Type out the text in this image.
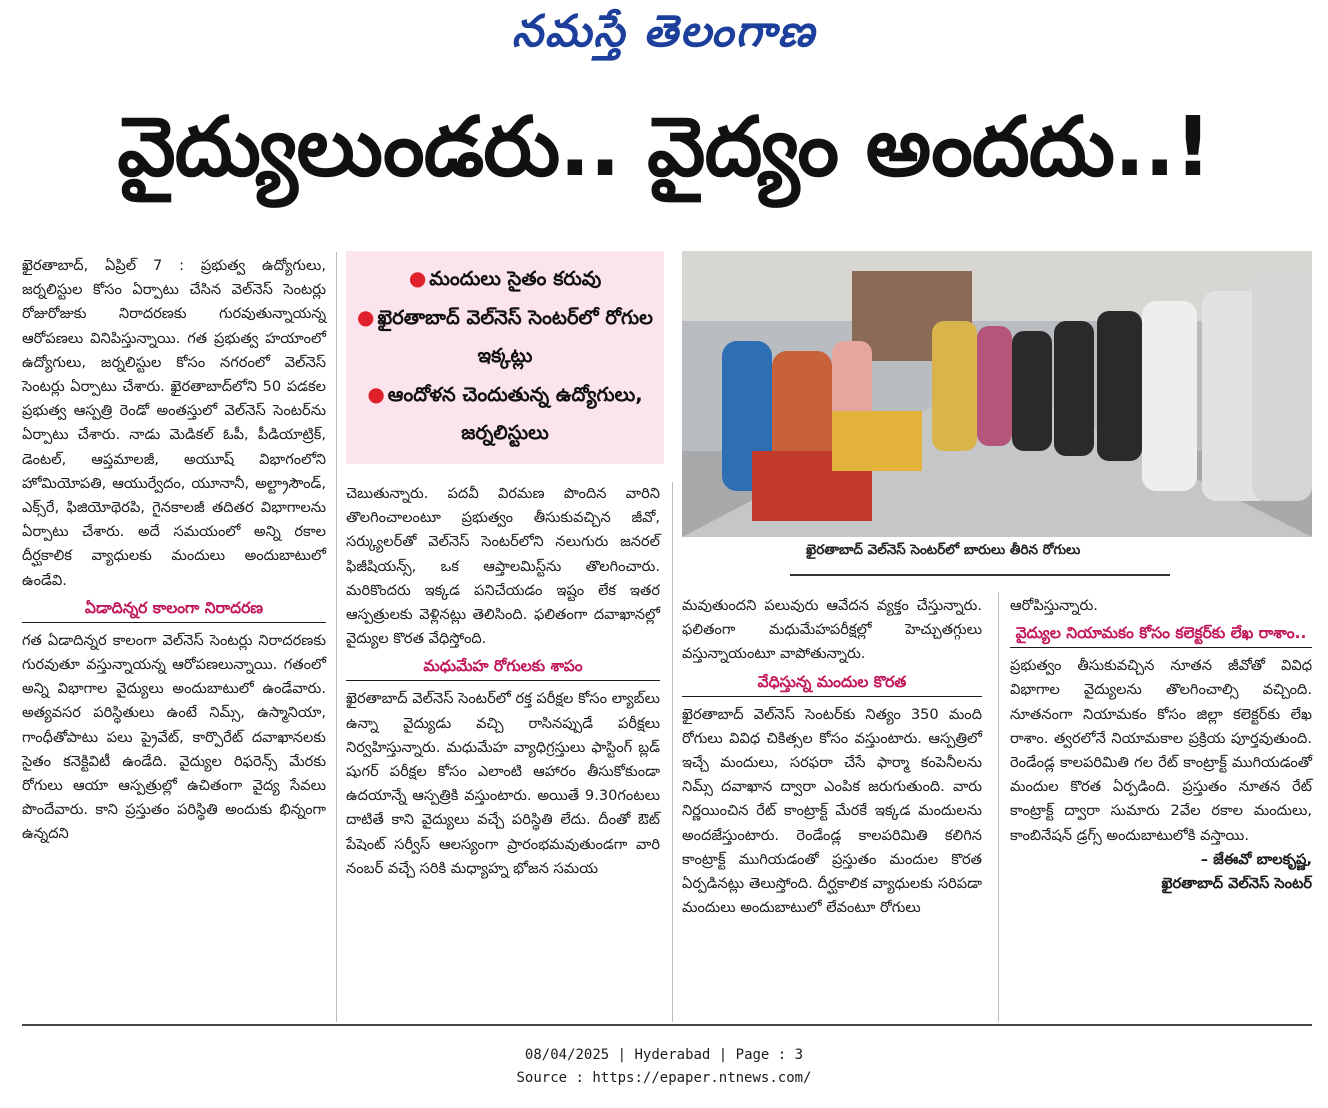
నమస్తే తెలంగాణ
వైద్యులుండరు.. వైద్యం అందదు..!

ఖైరతాబాద్, ఏప్రిల్ 7 : ప్రభుత్వ ఉద్యోగులు, జర్నలిస్టుల కోసం ఏర్పాటు చేసిన వెల్‌నెస్ సెంటర్లు రోజురోజుకు నిరాదరణకు గురవుతున్నాయన్న ఆరోపణలు వినిపిస్తున్నాయి. గత ప్రభుత్వ హయాంలో ఉద్యోగులు, జర్నలిస్టుల కోసం నగరంలో వెల్‌నెస్ సెంటర్లు ఏర్పాటు చేశారు. ఖైరతాబాద్‌లోని 50 పడకల ప్రభుత్వ ఆస్పత్రి రెండో అంతస్తులో వెల్‌నెస్ సెంటర్‌ను ఏర్పాటు చేశారు. నాడు మెడికల్ ఓపీ, పీడియాట్రిక్, డెంటల్, ఆప్తమాలజీ, అయూష్ విభాగంలోని హోమియోపతి, ఆయుర్వేదం, యూనానీ, అల్ట్రాసౌండ్, ఎక్స్‌రే, ఫిజియోథెరపి, గైనకాలజీ తదితర విభాగాలను ఏర్పాటు చేశారు. అదే సమయంలో అన్ని రకాల దీర్ఘకాలిక వ్యాధులకు మందులు అందుబాటులో ఉండేవి.

ఏడాదిన్నర కాలంగా నిరాదరణ

గత ఏడాదిన్నర కాలంగా వెల్‌నెస్ సెంటర్లు నిరాదరణకు గురవుతూ వస్తున్నాయన్న ఆరోపణలున్నాయి. గతంలో అన్ని విభాగాల వైద్యులు అందుబాటులో ఉండేవారు. అత్యవసర పరిస్థితులు ఉంటే నిమ్స్, ఉస్మానియా, గాంధీతోపాటు పలు ప్రైవేట్, కార్పొరేట్ దవాఖానలకు సైతం కనెక్టివిటీ ఉండేది. వైద్యుల రిఫరెన్స్ మేరకు రోగులు ఆయా ఆస్పత్రుల్లో ఉచితంగా వైద్య సేవలు పొందేవారు. కాని ప్రస్తుతం పరిస్థితి అందుకు భిన్నంగా ఉన్నదని

● మందులు సైతం కరువు
● ఖైరతాబాద్ వెల్‌నెస్ సెంటర్‌లో రోగుల ఇక్కట్లు
● ఆందోళన చెందుతున్న ఉద్యోగులు, జర్నలిస్టులు
ఖైరతాబాద్ వెల్‌నెస్ సెంటర్‌లో బారులు తీరిన రోగులు

చెబుతున్నారు. పదవీ విరమణ పొందిన వారిని తొలగించాలంటూ ప్రభుత్వం తీసుకువచ్చిన జీవో, సర్క్యులర్‌తో వెల్‌నెస్ సెంటర్‌లోని నలుగురు జనరల్ ఫిజీషియన్స్, ఒక ఆప్తాలమిస్ట్‌ను తొలగించారు. మరికొందరు ఇక్కడ పనిచేయడం ఇష్టం లేక ఇతర ఆస్పత్రులకు వెళ్లినట్లు తెలిసింది. ఫలితంగా దవాఖానల్లో వైద్యుల కొరత వేధిస్తోంది.

మధుమేహ రోగులకు శాపం

ఖైరతాబాద్ వెల్‌నెస్ సెంటర్‌లో రక్త పరీక్షల కోసం ల్యాబ్‌లు ఉన్నా వైద్యుడు వచ్చి రాసినప్పుడే పరీక్షలు నిర్వహిస్తున్నారు. మధుమేహ వ్యాధిగ్రస్తులు ఫాస్టింగ్ బ్లడ్ షుగర్ పరీక్షల కోసం ఎలాంటి ఆహారం తీసుకోకుండా ఉదయాన్నే ఆస్పత్రికి వస్తుంటారు. అయితే 9.30గంటలు దాటితే కాని వైద్యులు వచ్చే పరిస్థితి లేదు. దీంతో ఔట్ పేషెంట్ సర్వీస్ ఆలస్యంగా ప్రారంభమవుతుండగా వారి నంబర్ వచ్చే సరికి మధ్యాహ్న భోజన సమయ

మవుతుందని పలువురు ఆవేదన వ్యక్తం చేస్తున్నారు. ఫలితంగా మధుమేహపరీక్షల్లో హెచ్చుతగ్గులు వస్తున్నాయంటూ వాపోతున్నారు.

వేధిస్తున్న మందుల కొరత

ఖైరతాబాద్ వెల్‌నెస్ సెంటర్‌కు నిత్యం 350 మంది రోగులు వివిధ చికిత్సల కోసం వస్తుంటారు. ఆస్పత్రిలో ఇచ్చే మందులు, సరఫరా చేసే ఫార్మా కంపెనీలను నిమ్స్ దవాఖాన ద్వారా ఎంపిక జరుగుతుంది. వారు నిర్ణయించిన రేట్ కాంట్రాక్ట్ మేరకే ఇక్కడ మందులను అందజేస్తుంటారు. రెండేండ్ల కాలపరిమితి కలిగిన కాంట్రాక్ట్ ముగియడంతో ప్రస్తుతం మందుల కొరత ఏర్పడినట్లు తెలుస్తోంది. దీర్ఘకాలిక వ్యాధులకు సరిపడా మందులు అందుబాటులో లేవంటూ రోగులు

ఆరోపిస్తున్నారు.

వైద్యుల నియామకం కోసం కలెక్టర్‌కు లేఖ రాశాం..

ప్రభుత్వం తీసుకువచ్చిన నూతన జీవోతో వివిధ విభాగాల వైద్యులను తొలగించాల్సి వచ్చింది. నూతనంగా నియామకం కోసం జిల్లా కలెక్టర్‌కు లేఖ రాశాం. త్వరలోనే నియామకాల ప్రక్రియ పూర్తవుతుంది. రెండేండ్ల కాలపరిమితి గల రేట్ కాంట్రాక్ట్ ముగియడంతో మందుల కొరత ఏర్పడింది. ప్రస్తుతం నూతన రేట్ కాంట్రాక్ట్ ద్వారా సుమారు 2వేల రకాల మందులు, కాంబినేషన్ డ్రగ్స్ అందుబాటులోకి వస్తాయి.

– జేఈవో బాలకృష్ణ,

ఖైరతాబాద్ వెల్‌నెస్ సెంటర్

08/04/2025 | Hyderabad | Page : 3
Source : https://epaper.ntnews.com/
